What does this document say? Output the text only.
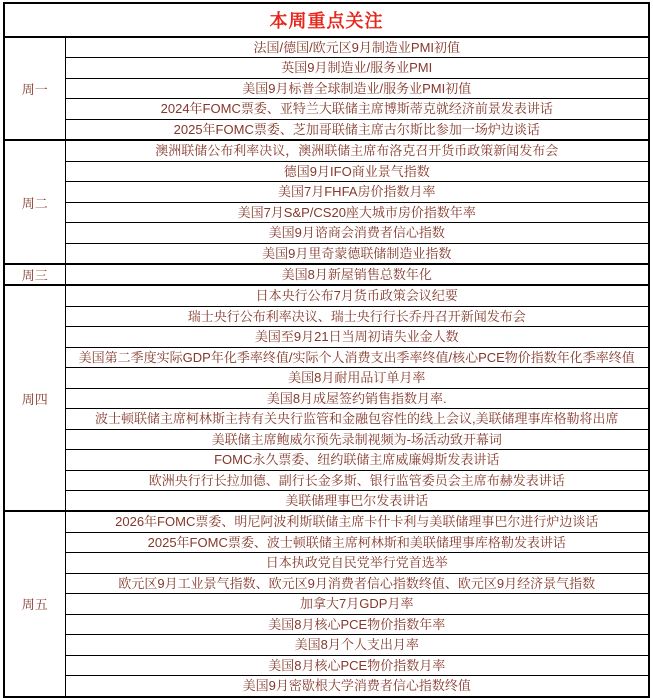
本周重点关注	
周一	法国/德国/欧元区9月制造业PMI初值
	英国9月制造业/服务业PMI
	美国9月标普全球制造业/服务业PMI初值
	2024年FOMC票委、亚特兰大联储主席博斯蒂克就经济前景发表讲话
	2025年FOMC票委、芝加哥联储主席古尔斯比参加一场炉边谈话
周二	澳洲联储公布利率决议，澳洲联储主席布洛克召开货币政策新闻发布会
	德国9月IFO商业景气指数
	美国7月FHFA房价指数月率
	美国7月S&P/CS20座大城市房价指数年率
	美国9月谘商会消费者信心指数
	美国9月里奇蒙德联储制造业指数
周三	美国8月新屋销售总数年化
周四	日本央行公布7月货币政策会议纪要
	瑞士央行公布利率决议、瑞士央行行长乔丹召开新闻发布会
	美国至9月21日当周初请失业金人数
	美国第二季度实际GDP年化季率终值/实际个人消费支出季率终值/核心PCE物价指数年化季率终值
	美国8月耐用品订单月率
	美国8月成屋签约销售指数月率.
	波士顿联储主席柯林斯主持有关央行监管和金融包容性的线上会议,美联储理事库格勒将出席
	美联储主席鲍威尔预先录制视频为-场活动致开幕词
	FOMC永久票委、纽约联储主席威廉姆斯发表讲话
	欧洲央行行长拉加德、副行长金多斯、银行监管委员会主席布赫发表讲话
	美联储理事巴尔发表讲话
周五	2026年FOMC票委、明尼阿波利斯联储主席卡什卡利与美联储理事巴尔进行炉边谈话
	2025年FOMC票委、波士顿联储主席柯林斯和美联储理事库格勒发表讲话
	日本执政党自民党举行党首选举
	欧元区9月工业景气指数、欧元区9月消费者信心指数终值、欧元区9月经济景气指数
	加拿大7月GDP月率
	美国8月核心PCE物价指数年率
	美国8月个人支出月率
	美国8月核心PCE物价指数月率
	美国9月密歇根大学消费者信心指数终值
